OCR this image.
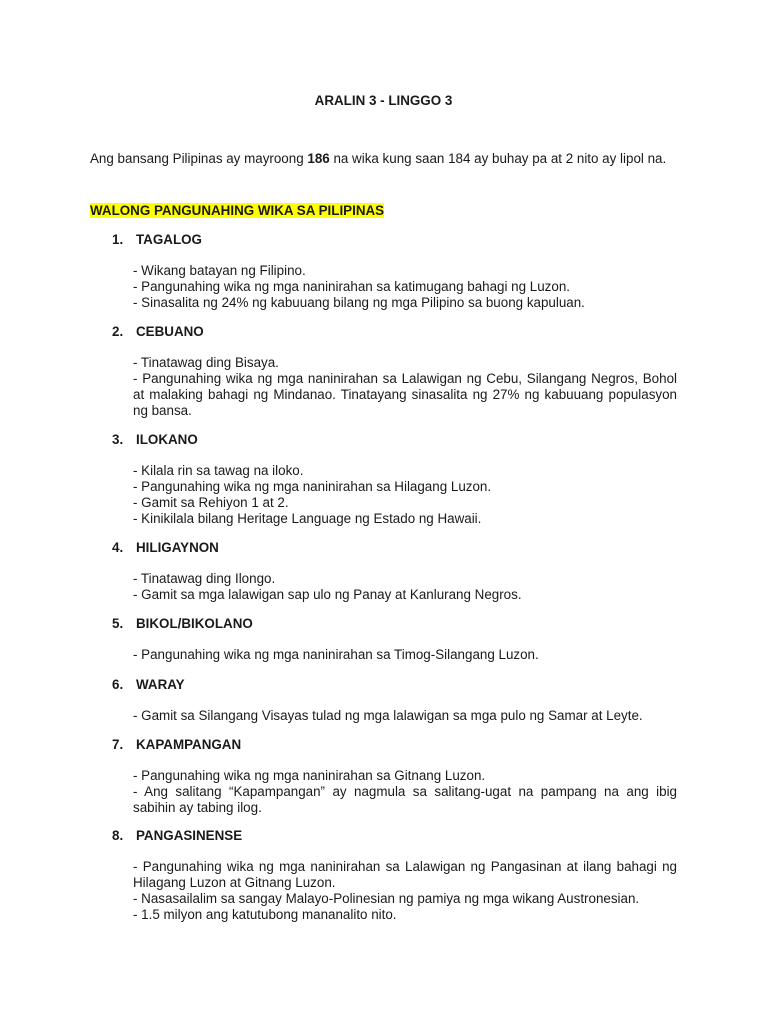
ARALIN 3 - LINGGO 3
Ang bansang Pilipinas ay mayroong 186 na wika kung saan 184 ay buhay pa at 2 nito ay lipol na.
WALONG PANGUNAHING WIKA SA PILIPINAS
1. TAGALOG
- Wikang batayan ng Filipino.
- Pangunahing wika ng mga naninirahan sa katimugang bahagi ng Luzon.
- Sinasalita ng 24% ng kabuuang bilang ng mga Pilipino sa buong kapuluan.
2. CEBUANO
- Tinatawag ding Bisaya.
- Pangunahing wika ng mga naninirahan sa Lalawigan ng Cebu, Silangang Negros, Bohol at malaking bahagi ng Mindanao. Tinatayang sinasalita ng 27% ng kabuuang populasyon ng bansa.
3. ILOKANO
- Kilala rin sa tawag na iloko.
- Pangunahing wika ng mga naninirahan sa Hilagang Luzon.
- Gamit sa Rehiyon 1 at 2.
- Kinikilala bilang Heritage Language ng Estado ng Hawaii.
4. HILIGAYNON
- Tinatawag ding Ilongo.
- Gamit sa mga lalawigan sap ulo ng Panay at Kanlurang Negros.
5. BIKOL/BIKOLANO
- Pangunahing wika ng mga naninirahan sa Timog-Silangang Luzon.
6. WARAY
- Gamit sa Silangang Visayas tulad ng mga lalawigan sa mga pulo ng Samar at Leyte.
7. KAPAMPANGAN
- Pangunahing wika ng mga naninirahan sa Gitnang Luzon.
- Ang salitang “Kapampangan” ay nagmula sa salitang-ugat na pampang na ang ibig sabihin ay tabing ilog.
8. PANGASINENSE
- Pangunahing wika ng mga naninirahan sa Lalawigan ng Pangasinan at ilang bahagi ng Hilagang Luzon at Gitnang Luzon.
- Nasasailalim sa sangay Malayo-Polinesian ng pamiya ng mga wikang Austronesian.
- 1.5 milyon ang katutubong mananalito nito.
